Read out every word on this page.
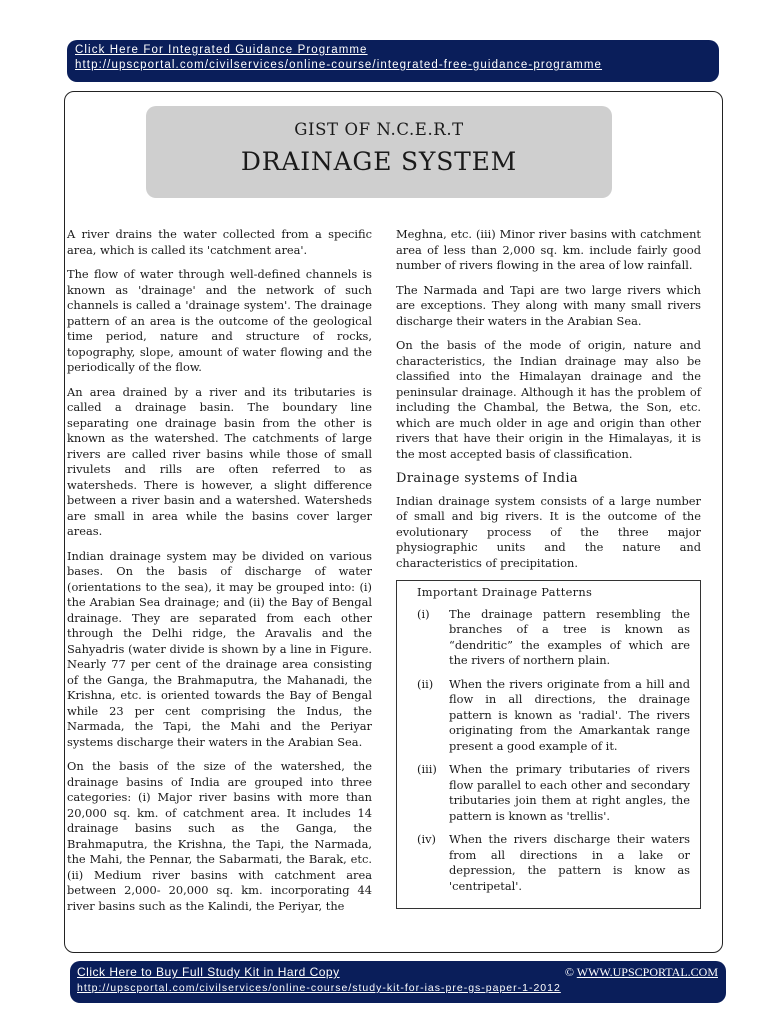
Click Here For Integrated Guidance Programme
http://upscportal.com/civilservices/online-course/integrated-free-guidance-programme
GIST OF N.C.E.R.T
DRAINAGE SYSTEM

A river drains the water collected from a specific area, which is called its 'catchment area'.

The flow of water through well-defined channels is known as 'drainage' and the network of such channels is called a 'drainage system'. The drainage pattern of an area is the outcome of the geological time period, nature and structure of rocks, topography, slope, amount of water flowing and the periodically of the flow.

An area drained by a river and its tributaries is called a drainage basin. The boundary line separating one drainage basin from the other is known as the watershed. The catchments of large rivers are called river basins while those of small rivulets and rills are often referred to as watersheds. There is however, a slight difference between a river basin and a watershed. Watersheds are small in area while the basins cover larger areas.

Indian drainage system may be divided on various bases. On the basis of discharge of water (orientations to the sea), it may be grouped into: (i) the Arabian Sea drainage; and (ii) the Bay of Bengal drainage. They are separated from each other through the Delhi ridge, the Aravalis and the Sahyadris (water divide is shown by a line in Figure. Nearly 77 per cent of the drainage area consisting of the Ganga, the Brahmaputra, the Mahanadi, the Krishna, etc. is oriented towards the Bay of Bengal while 23 per cent comprising the Indus, the Narmada, the Tapi, the Mahi and the Periyar systems discharge their waters in the Arabian Sea.

On the basis of the size of the watershed, the drainage basins of India are grouped into three categories: (i) Major river basins with more than 20,000 sq. km. of catchment area. It includes 14 drainage basins such as the Ganga, the Brahmaputra, the Krishna, the Tapi, the Narmada, the Mahi, the Pennar, the Sabarmati, the Barak, etc. (ii) Medium river basins with catchment area between 2,000- 20,000 sq. km. incorporating 44 river basins such as the Kalindi, the Periyar, the

Meghna, etc. (iii) Minor river basins with catchment area of less than 2,000 sq. km. include fairly good number of rivers flowing in the area of low rainfall.

The Narmada and Tapi are two large rivers which are exceptions. They along with many small rivers discharge their waters in the Arabian Sea.

On the basis of the mode of origin, nature and characteristics, the Indian drainage may also be classified into the Himalayan drainage and the peninsular drainage. Although it has the problem of including the Chambal, the Betwa, the Son, etc. which are much older in age and origin than other rivers that have their origin in the Himalayas, it is the most accepted basis of classification.

Drainage systems of India

Indian drainage system consists of a large number of small and big rivers. It is the outcome of the evolutionary process of the three major physiographic units and the nature and characteristics of precipitation.

Important Drainage Patterns
(i)	The drainage pattern resembling the branches of a tree is known as “dendritic” the examples of which are the rivers of northern plain.
(ii)	When the rivers originate from a hill and flow in all directions, the drainage pattern is known as 'radial'. The rivers originating from the Amarkantak range present a good example of it.
(iii)	When the primary tributaries of rivers flow parallel to each other and secondary tributaries join them at right angles, the pattern is known as 'trellis'.
(iv)	When the rivers discharge their waters from all directions in a lake or depression, the pattern is know as 'centripetal'.
Click Here to Buy Full Study Kit in Hard Copy	© WWW.UPSCPORTAL.COM
http://upscportal.com/civilservices/online-course/study-kit-for-ias-pre-gs-paper-1-2012
